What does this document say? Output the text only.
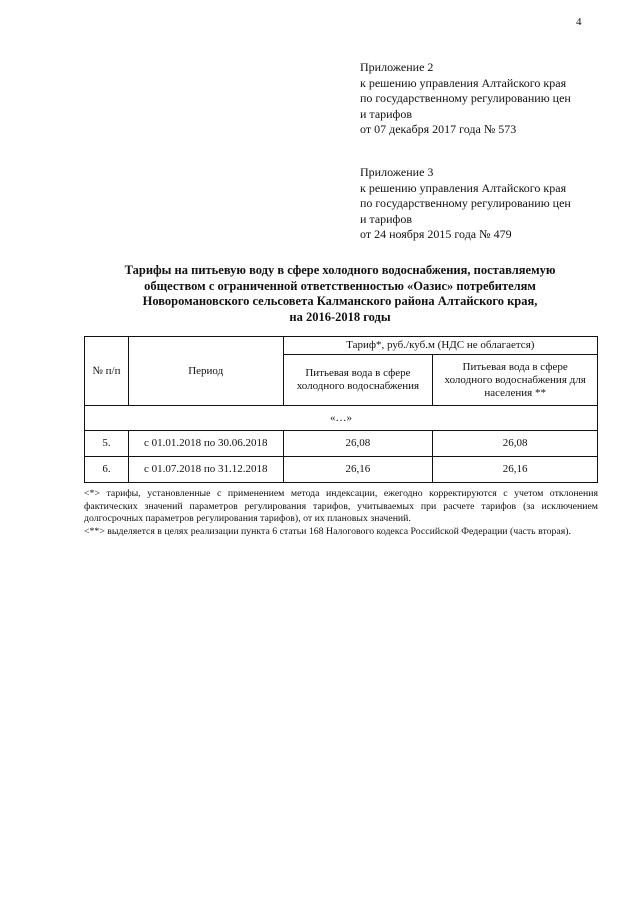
4
Приложение 2
к решению управления Алтайского края
по государственному регулированию цен
и тарифов
от 07 декабря 2017 года № 573
Приложение 3
к решению управления Алтайского края
по государственному регулированию цен
и тарифов
от 24 ноября 2015 года № 479
Тарифы на питьевую воду в сфере холодного водоснабжения, поставляемую
обществом с ограниченной ответственностью «Оазис» потребителям
Новоромановского сельсовета Калманского района Алтайского края,
на 2016-2018 годы
№ п/п	Период	Тариф*, руб./куб.м (НДС не облагается)	
		Питьевая вода в сфере холодного водоснабжения	Питьевая вода в сфере холодного водоснабжения для населения **
«…»			
5.	с 01.01.2018 по 30.06.2018	26,08	26,08
6.	с 01.07.2018 по 31.12.2018	26,16	26,16

<*> тарифы, установленные с применением метода индексации, ежегодно корректируются с учетом отклонения фактических значений параметров регулирования тарифов, учитываемых при расчете тарифов (за исключением долгосрочных параметров регулирования тарифов), от их плановых значений.

<**> выделяется в целях реализации пункта 6 статьи 168 Налогового кодекса Российской Федерации (часть вторая).
